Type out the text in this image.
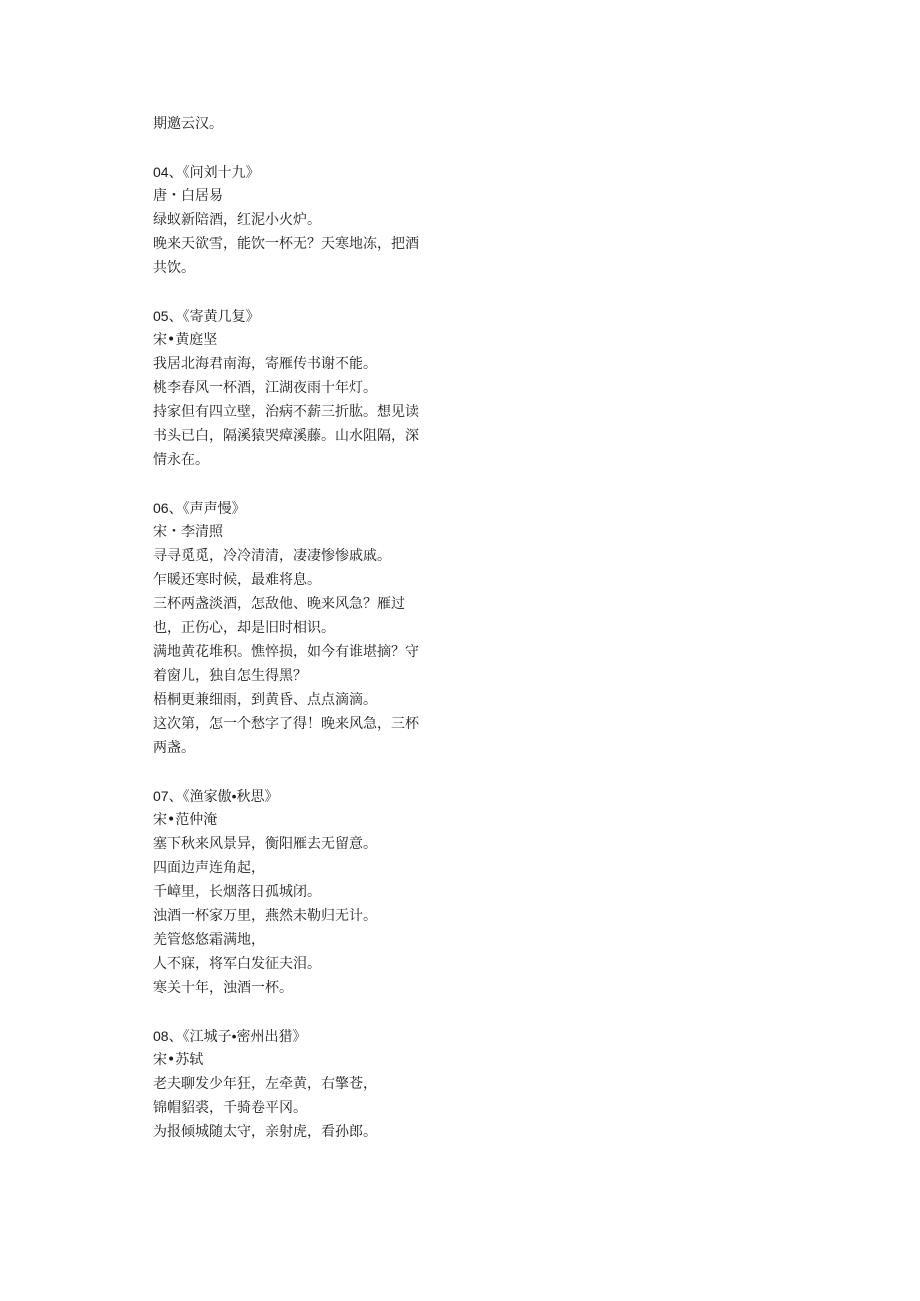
期邀云汉。
04、《问刘十九》
唐・白居易
绿蚁新陪酒，红泥小火炉。
晚来天欲雪，能饮一杯无？天寒地冻，把酒
共饮。
05、《寄黄几复》
宋•黄庭坚
我居北海君南海，寄雁传书谢不能。
桃李春风一杯酒，江湖夜雨十年灯。
持家但有四立壁，治病不薪三折肱。想见读
书头已白，隔溪猿哭瘴溪藤。山水阻隔，深
情永在。
06、《声声慢》
宋・李清照
寻寻觅觅，冷冷清清，凄凄惨惨戚戚。
乍暖还寒时候，最难将息。
三杯两盏淡酒，怎敌他、晚来风急？雁过
也，正伤心，却是旧时相识。
满地黄花堆积。憔悴损，如今有谁堪摘？守
着窗儿，独自怎生得黑？
梧桐更兼细雨，到黄昏、点点滴滴。
这次第，怎一个愁字了得！晚来风急，三杯
两盏。
07、《渔家傲•秋思》
宋•范仲淹
塞下秋来风景异，衡阳雁去无留意。
四面边声连角起，
千嶂里，长烟落日孤城闭。
浊酒一杯家万里，燕然未勒归无计。
羌管悠悠霜满地，
人不寐，将军白发征夫泪。
寒关十年，浊酒一杯。
08、《江城子•密州出猎》
宋•苏轼
老夫聊发少年狂，左牵黄，右擎苍，
锦帽貂裘，千骑卷平冈。
为报倾城随太守，亲射虎，看孙郎。
